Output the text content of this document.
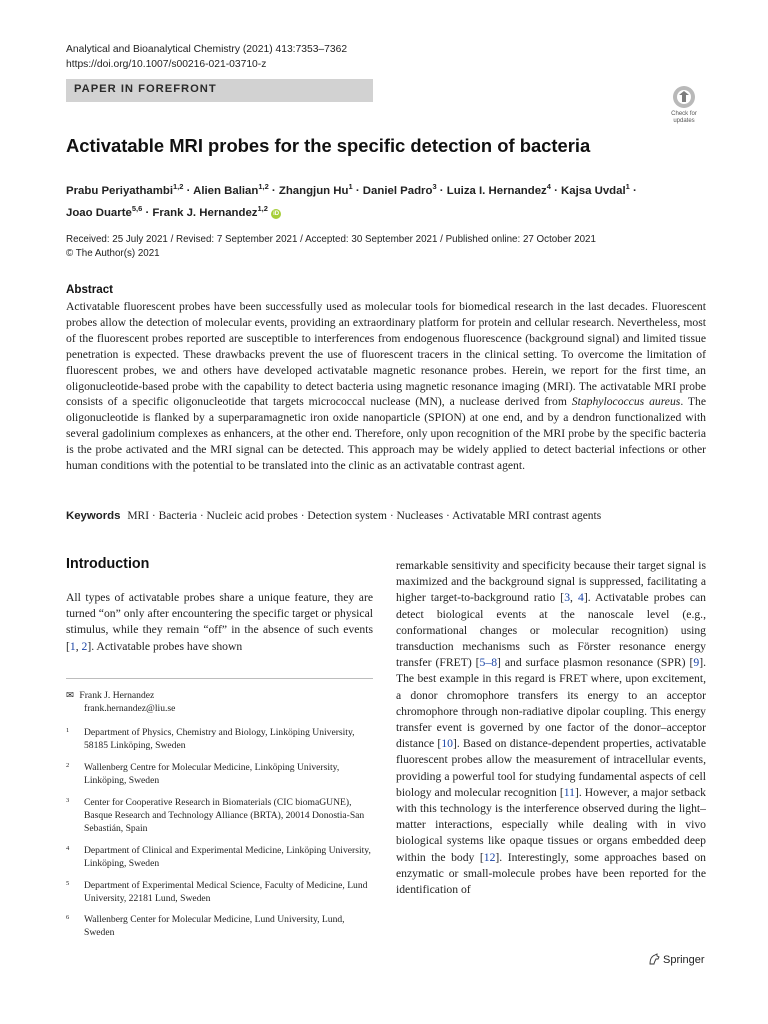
Analytical and Bioanalytical Chemistry (2021) 413:7353–7362
https://doi.org/10.1007/s00216-021-03710-z
PAPER IN FOREFRONT
Check for
updates
Activatable MRI probes for the specific detection of bacteria
Prabu Periyathambi$^{1,2}$ · Alien Balian$^{1,2}$ · Zhangjun $Hu^1$ · Daniel Padro$^3$ · Luiza I. Hernandez$^4$ · Kajsa Uvdal$^1$ ·
Joao Duarte$^{5,6}$ · Frank J. Hernandez$^{1,2}$ iD
Received: 25 July 2021 / Revised: 7 September 2021 / Accepted: 30 September 2021 / Published online: 27 October 2021
© The Author(s) 2021
Abstract
Activatable fluorescent probes have been successfully used as molecular tools for biomedical research in the last decades. Fluorescent probes allow the detection of molecular events, providing an extraordinary platform for protein and cellular research. Nevertheless, most of the fluorescent probes reported are susceptible to interferences from endogenous fluorescence (background signal) and limited tissue penetration is expected. These drawbacks prevent the use of fluorescent tracers in the clinical setting. To overcome the limitation of fluorescent probes, we and others have developed activatable magnetic resonance probes. Herein, we report for the first time, an oligonucleotide-based probe with the capability to detect bacteria using magnetic resonance imaging (MRI). The activatable MRI probe consists of a specific oligonucleotide that targets micrococcal nuclease (MN), a nuclease derived from Staphylococcus aureus. The oligonucleotide is flanked by a superparamagnetic iron oxide nanoparticle (SPION) at one end, and by a dendron functionalized with several gadolinium complexes as enhancers, at the other end. Therefore, only upon recognition of the MRI probe by the specific bacteria is the probe activated and the MRI signal can be detected. This approach may be widely applied to detect bacterial infections or other human conditions with the potential to be translated into the clinic as an activatable contrast agent.
Keywords MRI · Bacteria · Nucleic acid probes · Detection system · Nucleases · Activatable MRI contrast agents
Introduction
All types of activatable probes share a unique feature, they are turned “on” only after encountering the specific target or physical stimulus, while they remain “off” in the absence of such events [1, 2]. Activatable probes have shown
remarkable sensitivity and specificity because their target signal is maximized and the background signal is suppressed, facilitating a higher target-to-background ratio [3, 4]. Activatable probes can detect biological events at the nanoscale level (e.g., conformational changes or molecular recognition) using transduction mechanisms such as Förster resonance energy transfer (FRET) [5–8] and surface plasmon resonance (SPR) [9]. The best example in this regard is FRET where, upon excitement, a donor chromophore transfers its energy to an acceptor chromophore through non-radiative dipolar coupling. This energy transfer event is governed by one factor of the donor–acceptor distance [10]. Based on distance-dependent properties, activatable fluorescent probes allow the measurement of intracellular events, providing a powerful tool for studying fundamental aspects of cell biology and molecular recognition [11]. However, a major setback with this technology is the interference observed during the light–matter interactions, especially while dealing with in vivo biological systems like opaque tissues or organs embedded deep within the body [12]. Interestingly, some approaches based on enzymatic or small-molecule probes have been reported for the identification of
✉ Frank J. Hernandez
frank.hernandez@liu.se
1	Department of Physics, Chemistry and Biology, Linköping University, 58185 Linköping, Sweden
2	Wallenberg Centre for Molecular Medicine, Linköping University, Linköping, Sweden
3	Center for Cooperative Research in Biomaterials (CIC biomaGUNE), Basque Research and Technology Alliance (BRTA), 20014 Donostia-San Sebastián, Spain
4	Department of Clinical and Experimental Medicine, Linköping University, Linköping, Sweden
5	Department of Experimental Medical Science, Faculty of Medicine, Lund University, 22181 Lund, Sweden
6	Wallenberg Center for Molecular Medicine, Lund University, Lund, Sweden
Springer
